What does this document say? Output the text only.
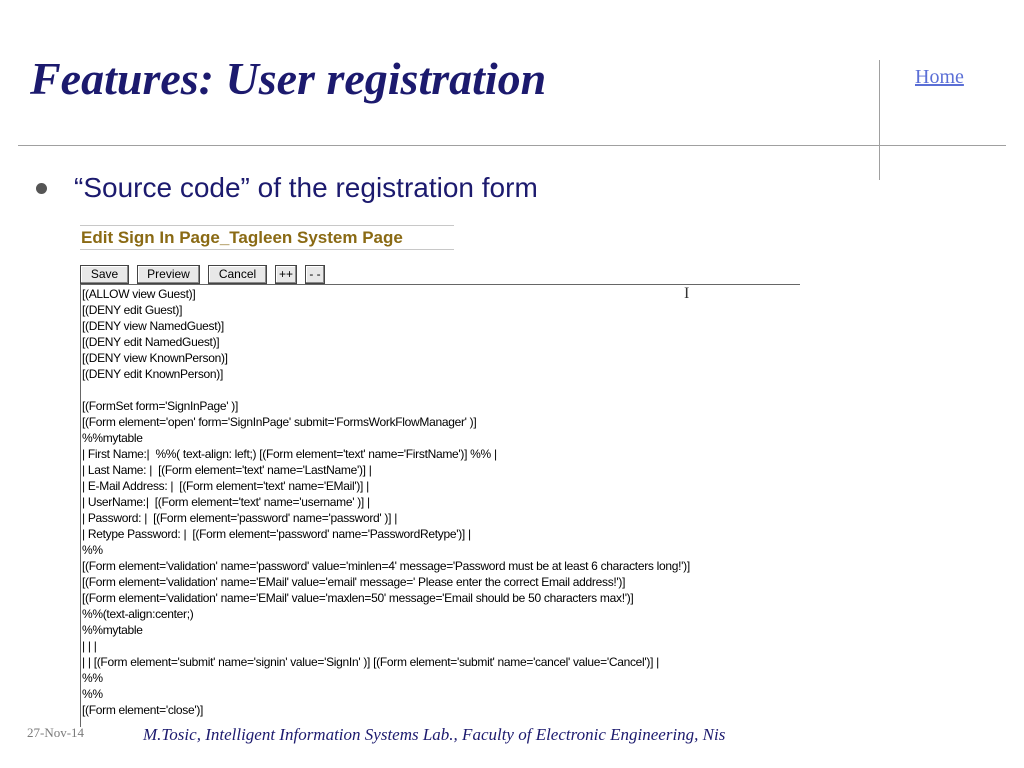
Features: User registration	Home
“Source code” of the registration form
Edit Sign In Page_Tagleen System Page
Save	Preview	Cancel	++	- -
[(ALLOW view Guest)]
[(DENY edit Guest)]
[(DENY view NamedGuest)]
[(DENY edit NamedGuest)]
[(DENY view KnownPerson)]
[(DENY edit KnownPerson)]
[(FormSet form='SignInPage' )]
[(Form element='open' form='SignInPage' submit='FormsWorkFlowManager' )]
%%mytable
| First Name:|  %%( text-align: left;) [(Form element='text' name='FirstName')] %% |
| Last Name: |  [(Form element='text' name='LastName')] |
| E-Mail Address: |  [(Form element='text' name='EMail')] |
| UserName:|  [(Form element='text' name='username' )] |
| Password: |  [(Form element='password' name='password' )] |
| Retype Password: |  [(Form element='password' name='PasswordRetype')] |
%%
[(Form element='validation' name='password' value='minlen=4' message='Password must be at least 6 characters long!')]
[(Form element='validation' name='EMail' value='email' message=' Please enter the correct Email address!')]
[(Form element='validation' name='EMail' value='maxlen=50' message='Email should be 50 characters max!')]
%%(text-align:center;)
%%mytable
| | |
| | [(Form element='submit' name='signin' value='SignIn' )] [(Form element='submit' name='cancel' value='Cancel')] |
%%
%%
[(Form element='close')]
I
27-Nov-14	M.Tosic, Intelligent Information Systems Lab., Faculty of Electronic Engineering, Nis
